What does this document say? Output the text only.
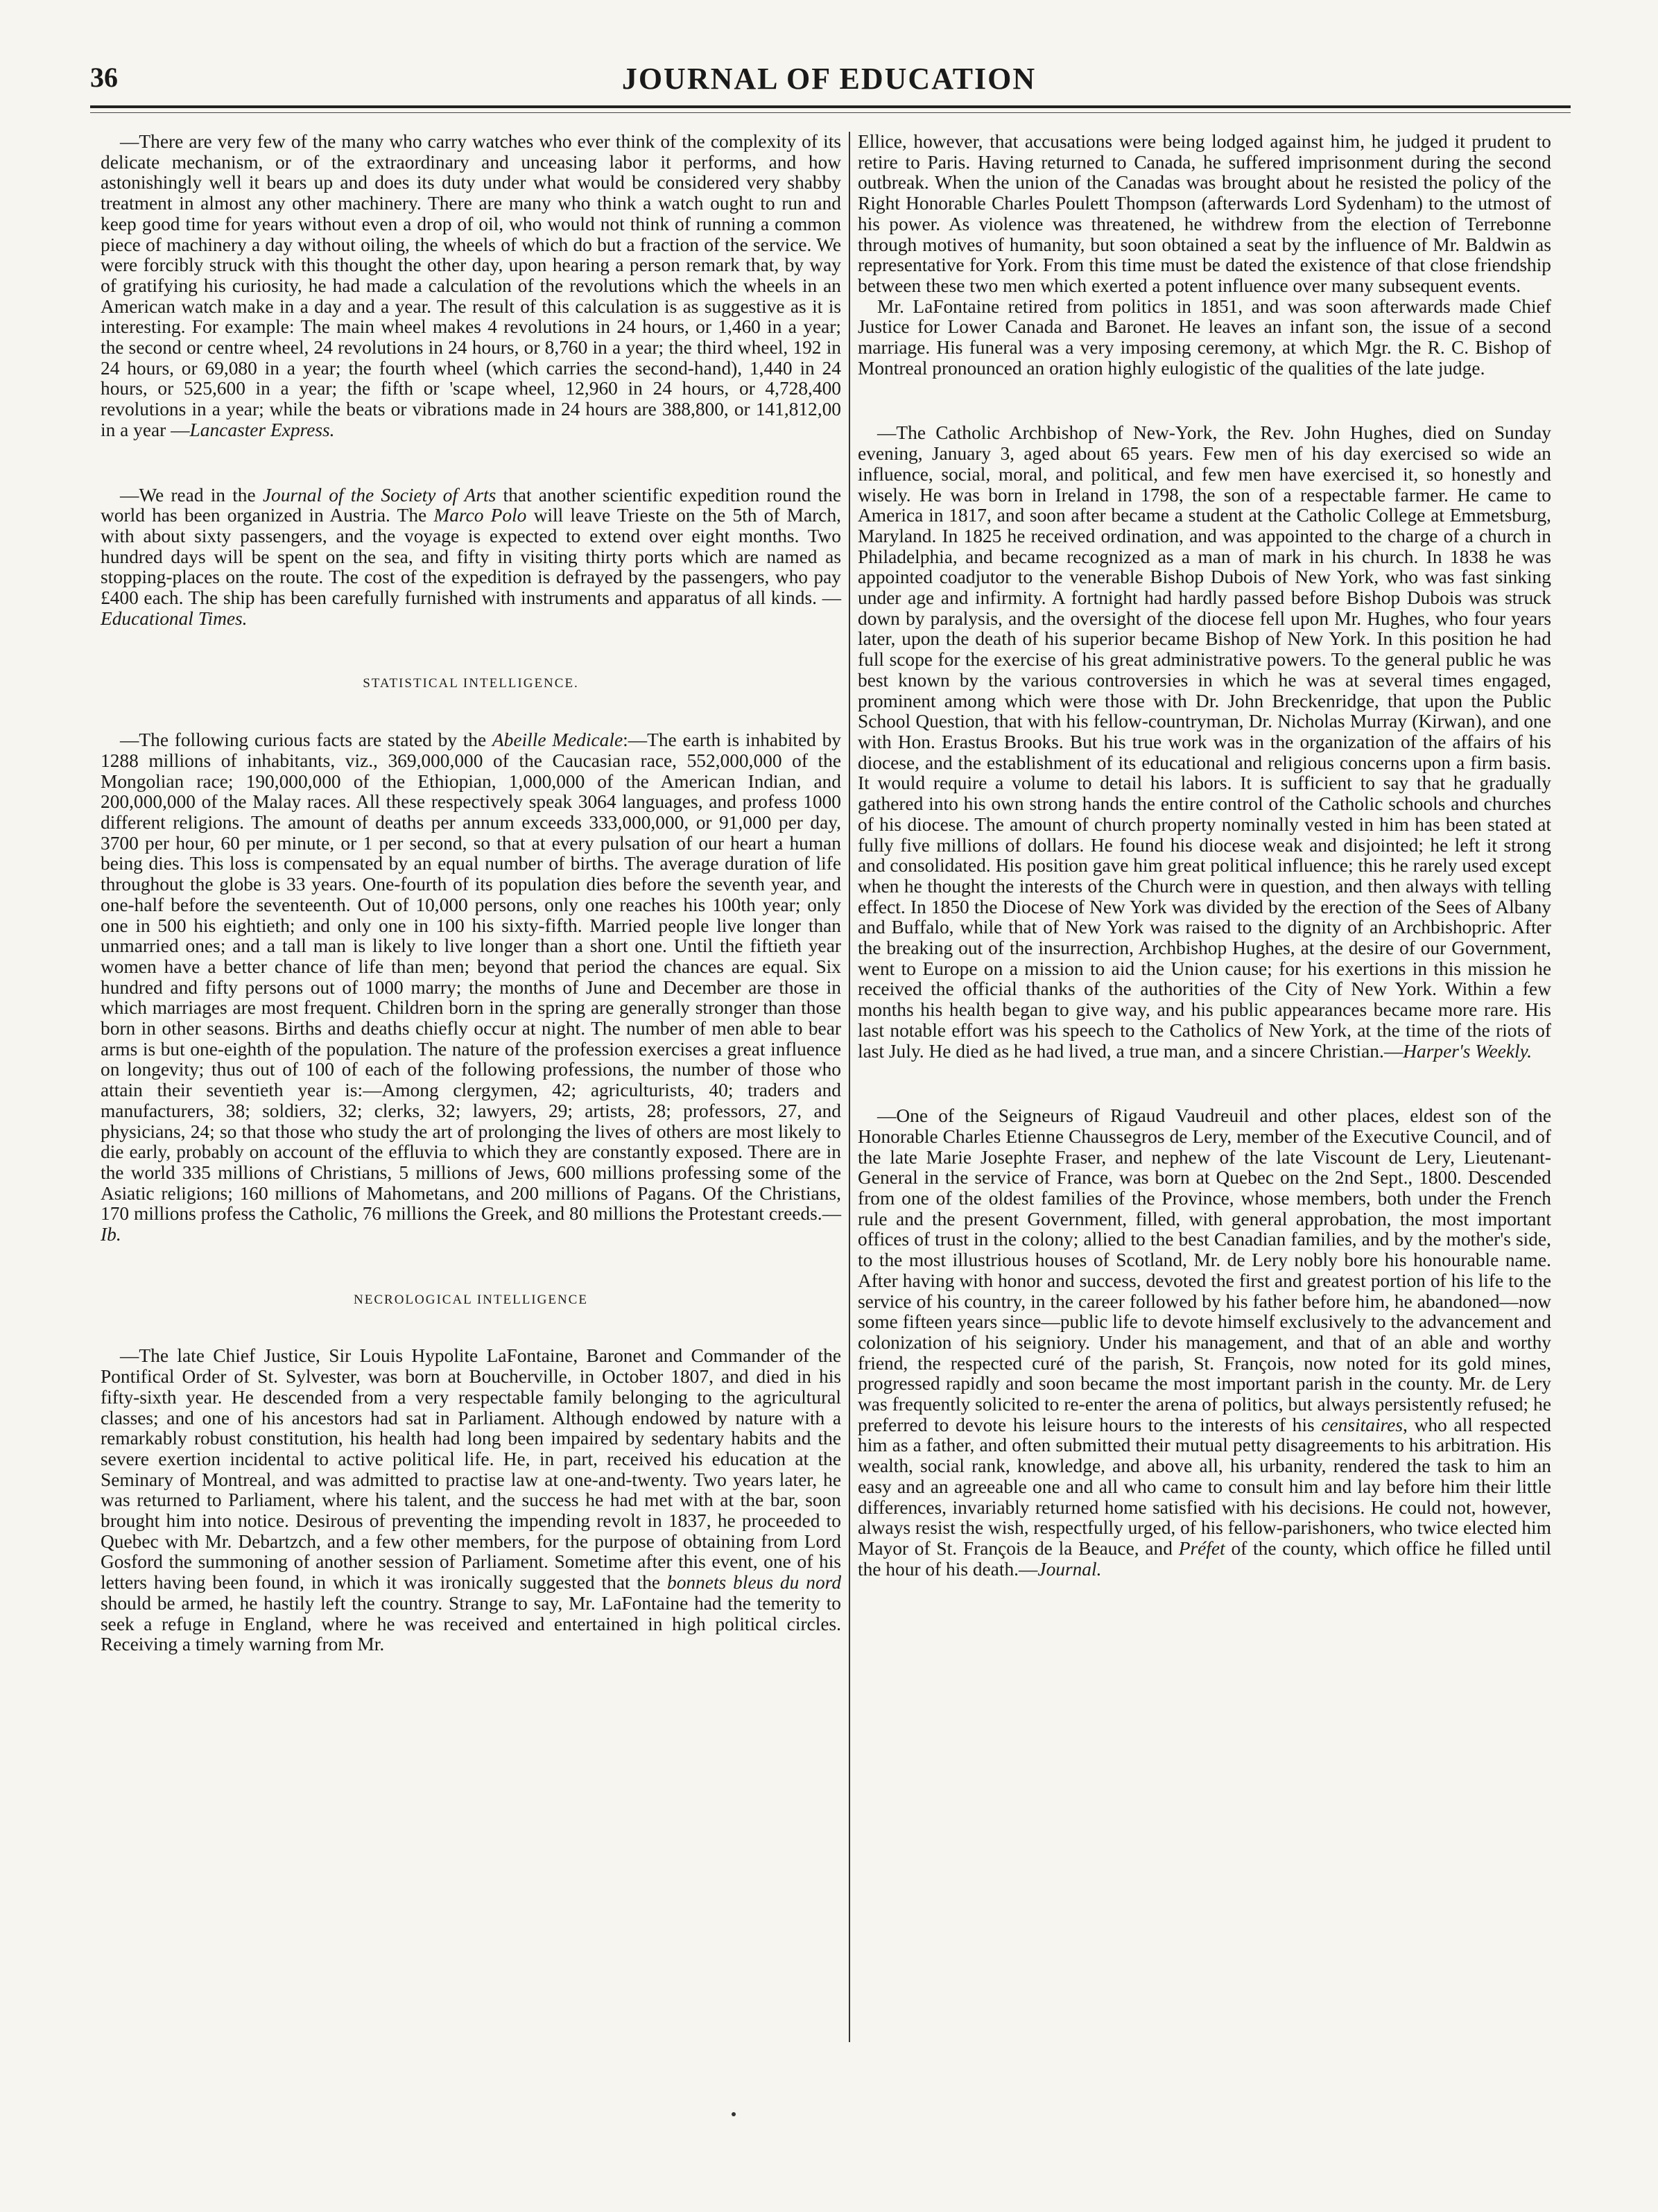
36	JOURNAL OF EDUCATION

—There are very few of the many who carry watches who ever think of the complexity of its delicate mechanism, or of the extraordinary and unceasing labor it performs, and how astonishingly well it bears up and does its duty under what would be considered very shabby treatment in almost any other machinery. There are many who think a watch ought to run and keep good time for years without even a drop of oil, who would not think of running a common piece of machinery a day without oiling, the wheels of which do but a fraction of the service. We were forcibly struck with this thought the other day, upon hearing a person remark that, by way of gratifying his curiosity, he had made a calculation of the revolutions which the wheels in an American watch make in a day and a year. The result of this calculation is as suggestive as it is interesting. For example: The main wheel makes 4 revolutions in 24 hours, or 1,460 in a year; the second or centre wheel, 24 revolutions in 24 hours, or 8,760 in a year; the third wheel, 192 in 24 hours, or 69,080 in a year; the fourth wheel (which carries the second-hand), 1,440 in 24 hours, or 525,600 in a year; the fifth or 'scape wheel, 12,960 in 24 hours, or 4,728,400 revolutions in a year; while the beats or vibrations made in 24 hours are 388,800, or 141,812,00 in a year —Lancaster Express.

—We read in the Journal of the Society of Arts that another scientific expedition round the world has been organized in Austria. The Marco Polo will leave Trieste on the 5th of March, with about sixty passengers, and the voyage is expected to extend over eight months. Two hundred days will be spent on the sea, and fifty in visiting thirty ports which are named as stopping-places on the route. The cost of the expedition is defrayed by the passengers, who pay £400 each. The ship has been carefully furnished with instruments and apparatus of all kinds. —Educational Times.

STATISTICAL INTELLIGENCE.

—The following curious facts are stated by the Abeille Medicale:—The earth is inhabited by 1288 millions of inhabitants, viz., 369,000,000 of the Caucasian race, 552,000,000 of the Mongolian race; 190,000,000 of the Ethiopian, 1,000,000 of the American Indian, and 200,000,000 of the Malay races. All these respectively speak 3064 languages, and profess 1000 different religions. The amount of deaths per annum exceeds 333,000,000, or 91,000 per day, 3700 per hour, 60 per minute, or 1 per second, so that at every pulsation of our heart a human being dies. This loss is compensated by an equal number of births. The average duration of life throughout the globe is 33 years. One-fourth of its population dies before the seventh year, and one-half before the seventeenth. Out of 10,000 persons, only one reaches his 100th year; only one in 500 his eightieth; and only one in 100 his sixty-fifth. Married people live longer than unmarried ones; and a tall man is likely to live longer than a short one. Until the fiftieth year women have a better chance of life than men; beyond that period the chances are equal. Six hundred and fifty persons out of 1000 marry; the months of June and December are those in which marriages are most frequent. Children born in the spring are generally stronger than those born in other seasons. Births and deaths chiefly occur at night. The number of men able to bear arms is but one-eighth of the population. The nature of the profession exercises a great influence on longevity; thus out of 100 of each of the following professions, the number of those who attain their seventieth year is:—Among clergymen, 42; agriculturists, 40; traders and manufacturers, 38; soldiers, 32; clerks, 32; lawyers, 29; artists, 28; professors, 27, and physicians, 24; so that those who study the art of prolonging the lives of others are most likely to die early, probably on account of the effluvia to which they are constantly exposed. There are in the world 335 millions of Christians, 5 millions of Jews, 600 millions professing some of the Asiatic religions; 160 millions of Mahometans, and 200 millions of Pagans. Of the Christians, 170 millions profess the Catholic, 76 millions the Greek, and 80 millions the Protestant creeds.—Ib.

NECROLOGICAL INTELLIGENCE

—The late Chief Justice, Sir Louis Hypolite LaFontaine, Baronet and Commander of the Pontifical Order of St. Sylvester, was born at Boucherville, in October 1807, and died in his fifty-sixth year. He descended from a very respectable family belonging to the agricultural classes; and one of his ancestors had sat in Parliament. Although endowed by nature with a remarkably robust constitution, his health had long been impaired by sedentary habits and the severe exertion incidental to active political life. He, in part, received his education at the Seminary of Montreal, and was admitted to practise law at one-and-twenty. Two years later, he was returned to Parliament, where his talent, and the success he had met with at the bar, soon brought him into notice. Desirous of preventing the impending revolt in 1837, he proceeded to Quebec with Mr. Debartzch, and a few other members, for the purpose of obtaining from Lord Gosford the summoning of another session of Parliament. Sometime after this event, one of his letters having been found, in which it was ironically suggested that the bonnets bleus du nord should be armed, he hastily left the country. Strange to say, Mr. LaFontaine had the temerity to seek a refuge in England, where he was received and entertained in high political circles. Receiving a timely warning from Mr.

Ellice, however, that accusations were being lodged against him, he judged it prudent to retire to Paris. Having returned to Canada, he suffered imprisonment during the second outbreak. When the union of the Canadas was brought about he resisted the policy of the Right Honorable Charles Poulett Thompson (afterwards Lord Sydenham) to the utmost of his power. As violence was threatened, he withdrew from the election of Terrebonne through motives of humanity, but soon obtained a seat by the influence of Mr. Baldwin as representative for York. From this time must be dated the existence of that close friendship between these two men which exerted a potent influence over many subsequent events.

Mr. LaFontaine retired from politics in 1851, and was soon afterwards made Chief Justice for Lower Canada and Baronet. He leaves an infant son, the issue of a second marriage. His funeral was a very imposing ceremony, at which Mgr. the R. C. Bishop of Montreal pronounced an oration highly eulogistic of the qualities of the late judge.

—The Catholic Archbishop of New-York, the Rev. John Hughes, died on Sunday evening, January 3, aged about 65 years. Few men of his day exercised so wide an influence, social, moral, and political, and few men have exercised it, so honestly and wisely. He was born in Ireland in 1798, the son of a respectable farmer. He came to America in 1817, and soon after became a student at the Catholic College at Emmetsburg, Maryland. In 1825 he received ordination, and was appointed to the charge of a church in Philadelphia, and became recognized as a man of mark in his church. In 1838 he was appointed coadjutor to the venerable Bishop Dubois of New York, who was fast sinking under age and infirmity. A fortnight had hardly passed before Bishop Dubois was struck down by paralysis, and the oversight of the diocese fell upon Mr. Hughes, who four years later, upon the death of his superior became Bishop of New York. In this position he had full scope for the exercise of his great administrative powers. To the general public he was best known by the various controversies in which he was at several times engaged, prominent among which were those with Dr. John Breckenridge, that upon the Public School Question, that with his fellow-countryman, Dr. Nicholas Murray (Kirwan), and one with Hon. Erastus Brooks. But his true work was in the organization of the affairs of his diocese, and the establishment of its educational and religious concerns upon a firm basis. It would require a volume to detail his labors. It is sufficient to say that he gradually gathered into his own strong hands the entire control of the Catholic schools and churches of his diocese. The amount of church property nominally vested in him has been stated at fully five millions of dollars. He found his diocese weak and disjointed; he left it strong and consolidated. His position gave him great political influence; this he rarely used except when he thought the interests of the Church were in question, and then always with telling effect. In 1850 the Diocese of New York was divided by the erection of the Sees of Albany and Buffalo, while that of New York was raised to the dignity of an Archbishopric. After the breaking out of the insurrection, Archbishop Hughes, at the desire of our Government, went to Europe on a mission to aid the Union cause; for his exertions in this mission he received the official thanks of the authorities of the City of New York. Within a few months his health began to give way, and his public appearances became more rare. His last notable effort was his speech to the Catholics of New York, at the time of the riots of last July. He died as he had lived, a true man, and a sincere Christian.—Harper's Weekly.

—One of the Seigneurs of Rigaud Vaudreuil and other places, eldest son of the Honorable Charles Etienne Chaussegros de Lery, member of the Executive Council, and of the late Marie Josephte Fraser, and nephew of the late Viscount de Lery, Lieutenant-General in the service of France, was born at Quebec on the 2nd Sept., 1800. Descended from one of the oldest families of the Province, whose members, both under the French rule and the present Government, filled, with general approbation, the most important offices of trust in the colony; allied to the best Canadian families, and by the mother's side, to the most illustrious houses of Scotland, Mr. de Lery nobly bore his honourable name. After having with honor and success, devoted the first and greatest portion of his life to the service of his country, in the career followed by his father before him, he abandoned—now some fifteen years since—public life to devote himself exclusively to the advancement and colonization of his seigniory. Under his management, and that of an able and worthy friend, the respected curé of the parish, St. François, now noted for its gold mines, progressed rapidly and soon became the most important parish in the county. Mr. de Lery was frequently solicited to re-enter the arena of politics, but always persistently refused; he preferred to devote his leisure hours to the interests of his censitaires, who all respected him as a father, and often submitted their mutual petty disagreements to his arbitration. His wealth, social rank, knowledge, and above all, his urbanity, rendered the task to him an easy and an agreeable one and all who came to consult him and lay before him their little differences, invariably returned home satisfied with his decisions. He could not, however, always resist the wish, respectfully urged, of his fellow-parishoners, who twice elected him Mayor of St. François de la Beauce, and Préfet of the county, which office he filled until the hour of his death.—Journal.
